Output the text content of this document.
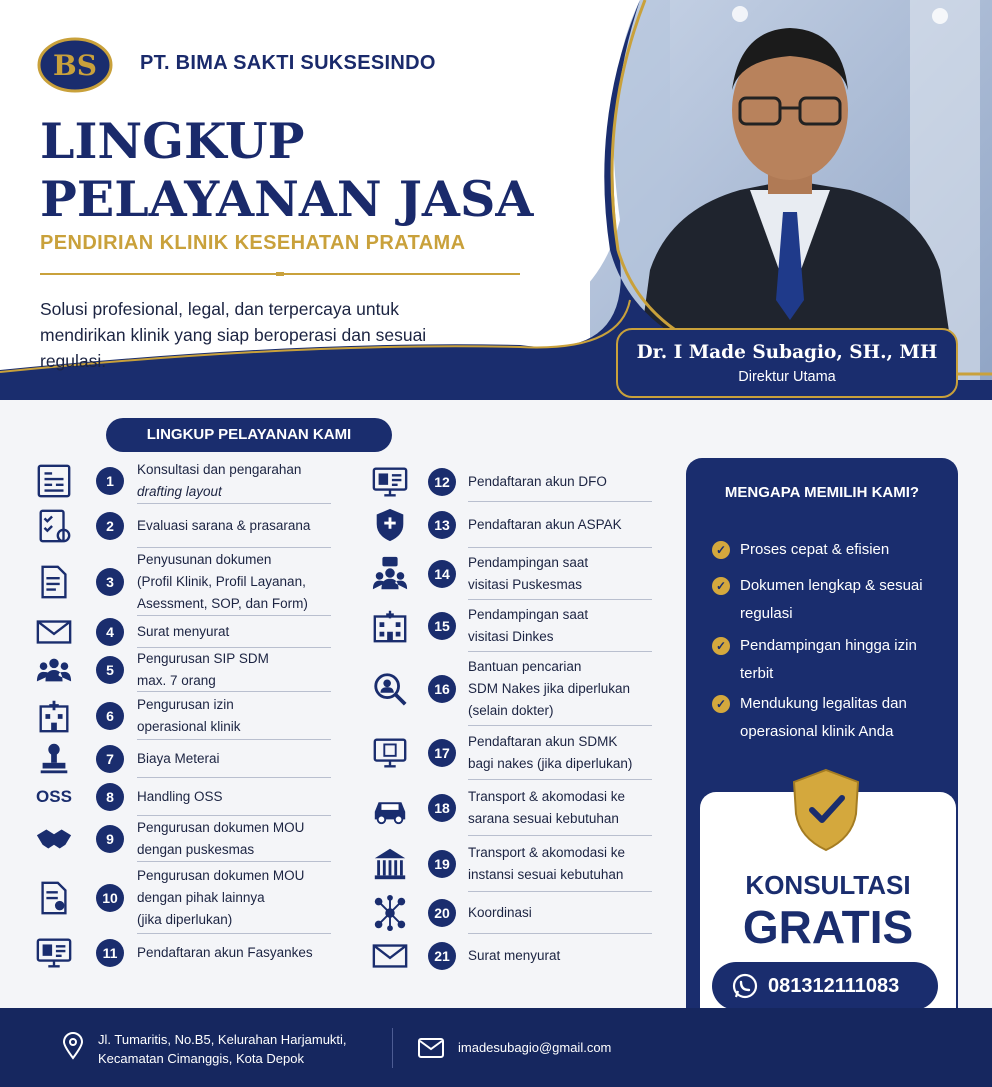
BS PT. BIMA SAKTI SUKSESINDO
LINGKUP
PELAYANAN JASA
PENDIRIAN KLINIK KESEHATAN PRATAMA
Solusi profesional, legal, dan terpercaya untuk mendirikan klinik yang siap beroperasi dan sesuai regulasi.	Dr. I Made Subagio, SH., MH
Direktur Utama
LINGKUP PELAYANAN KAMI
1
Konsultasi dan pengarahan
drafting layout
2	Evaluasi sarana & prasarana
3
Penyusunan dokumen
(Profil Klinik, Profil Layanan,
Asessment, SOP, dan Form)
4	Surat menyurat
5
Pengurusan SIP SDM
max. 7 orang
6
Pengurusan izin
operasional klinik
7	Biaya Meterai
OSS	8	Handling OSS
9
Pengurusan dokumen MOU
dengan puskesmas
10
Pengurusan dokumen MOU
dengan pihak lainnya
(jika diperlukan)
11	Pendaftaran akun Fasyankes
12	Pendaftaran akun DFO
13	Pendaftaran akun ASPAK
14
Pendampingan saat
visitasi Puskesmas
15
Pendampingan saat
visitasi Dinkes
16
Bantuan pencarian
SDM Nakes jika diperlukan
(selain dokter)
17
Pendaftaran akun SDMK
bagi nakes (jika diperlukan)
18
Transport & akomodasi ke
sarana sesuai kebutuhan
19
Transport & akomodasi ke
instansi sesuai kebutuhan
20	Koordinasi
21	Surat menyurat
MENGAPA MEMILIH KAMI?
✓ Proses cepat & efisien
✓ Dokumen lengkap & sesuai regulasi
✓ Pendampingan hingga izin terbit
✓ Mendukung legalitas dan operasional klinik Anda
KONSULTASI
GRATIS
081312111083
Jl. Tumaritis, No.B5, Kelurahan Harjamukti,
Kecamatan Cimanggis, Kota Depok
imadesubagio@gmail.com
